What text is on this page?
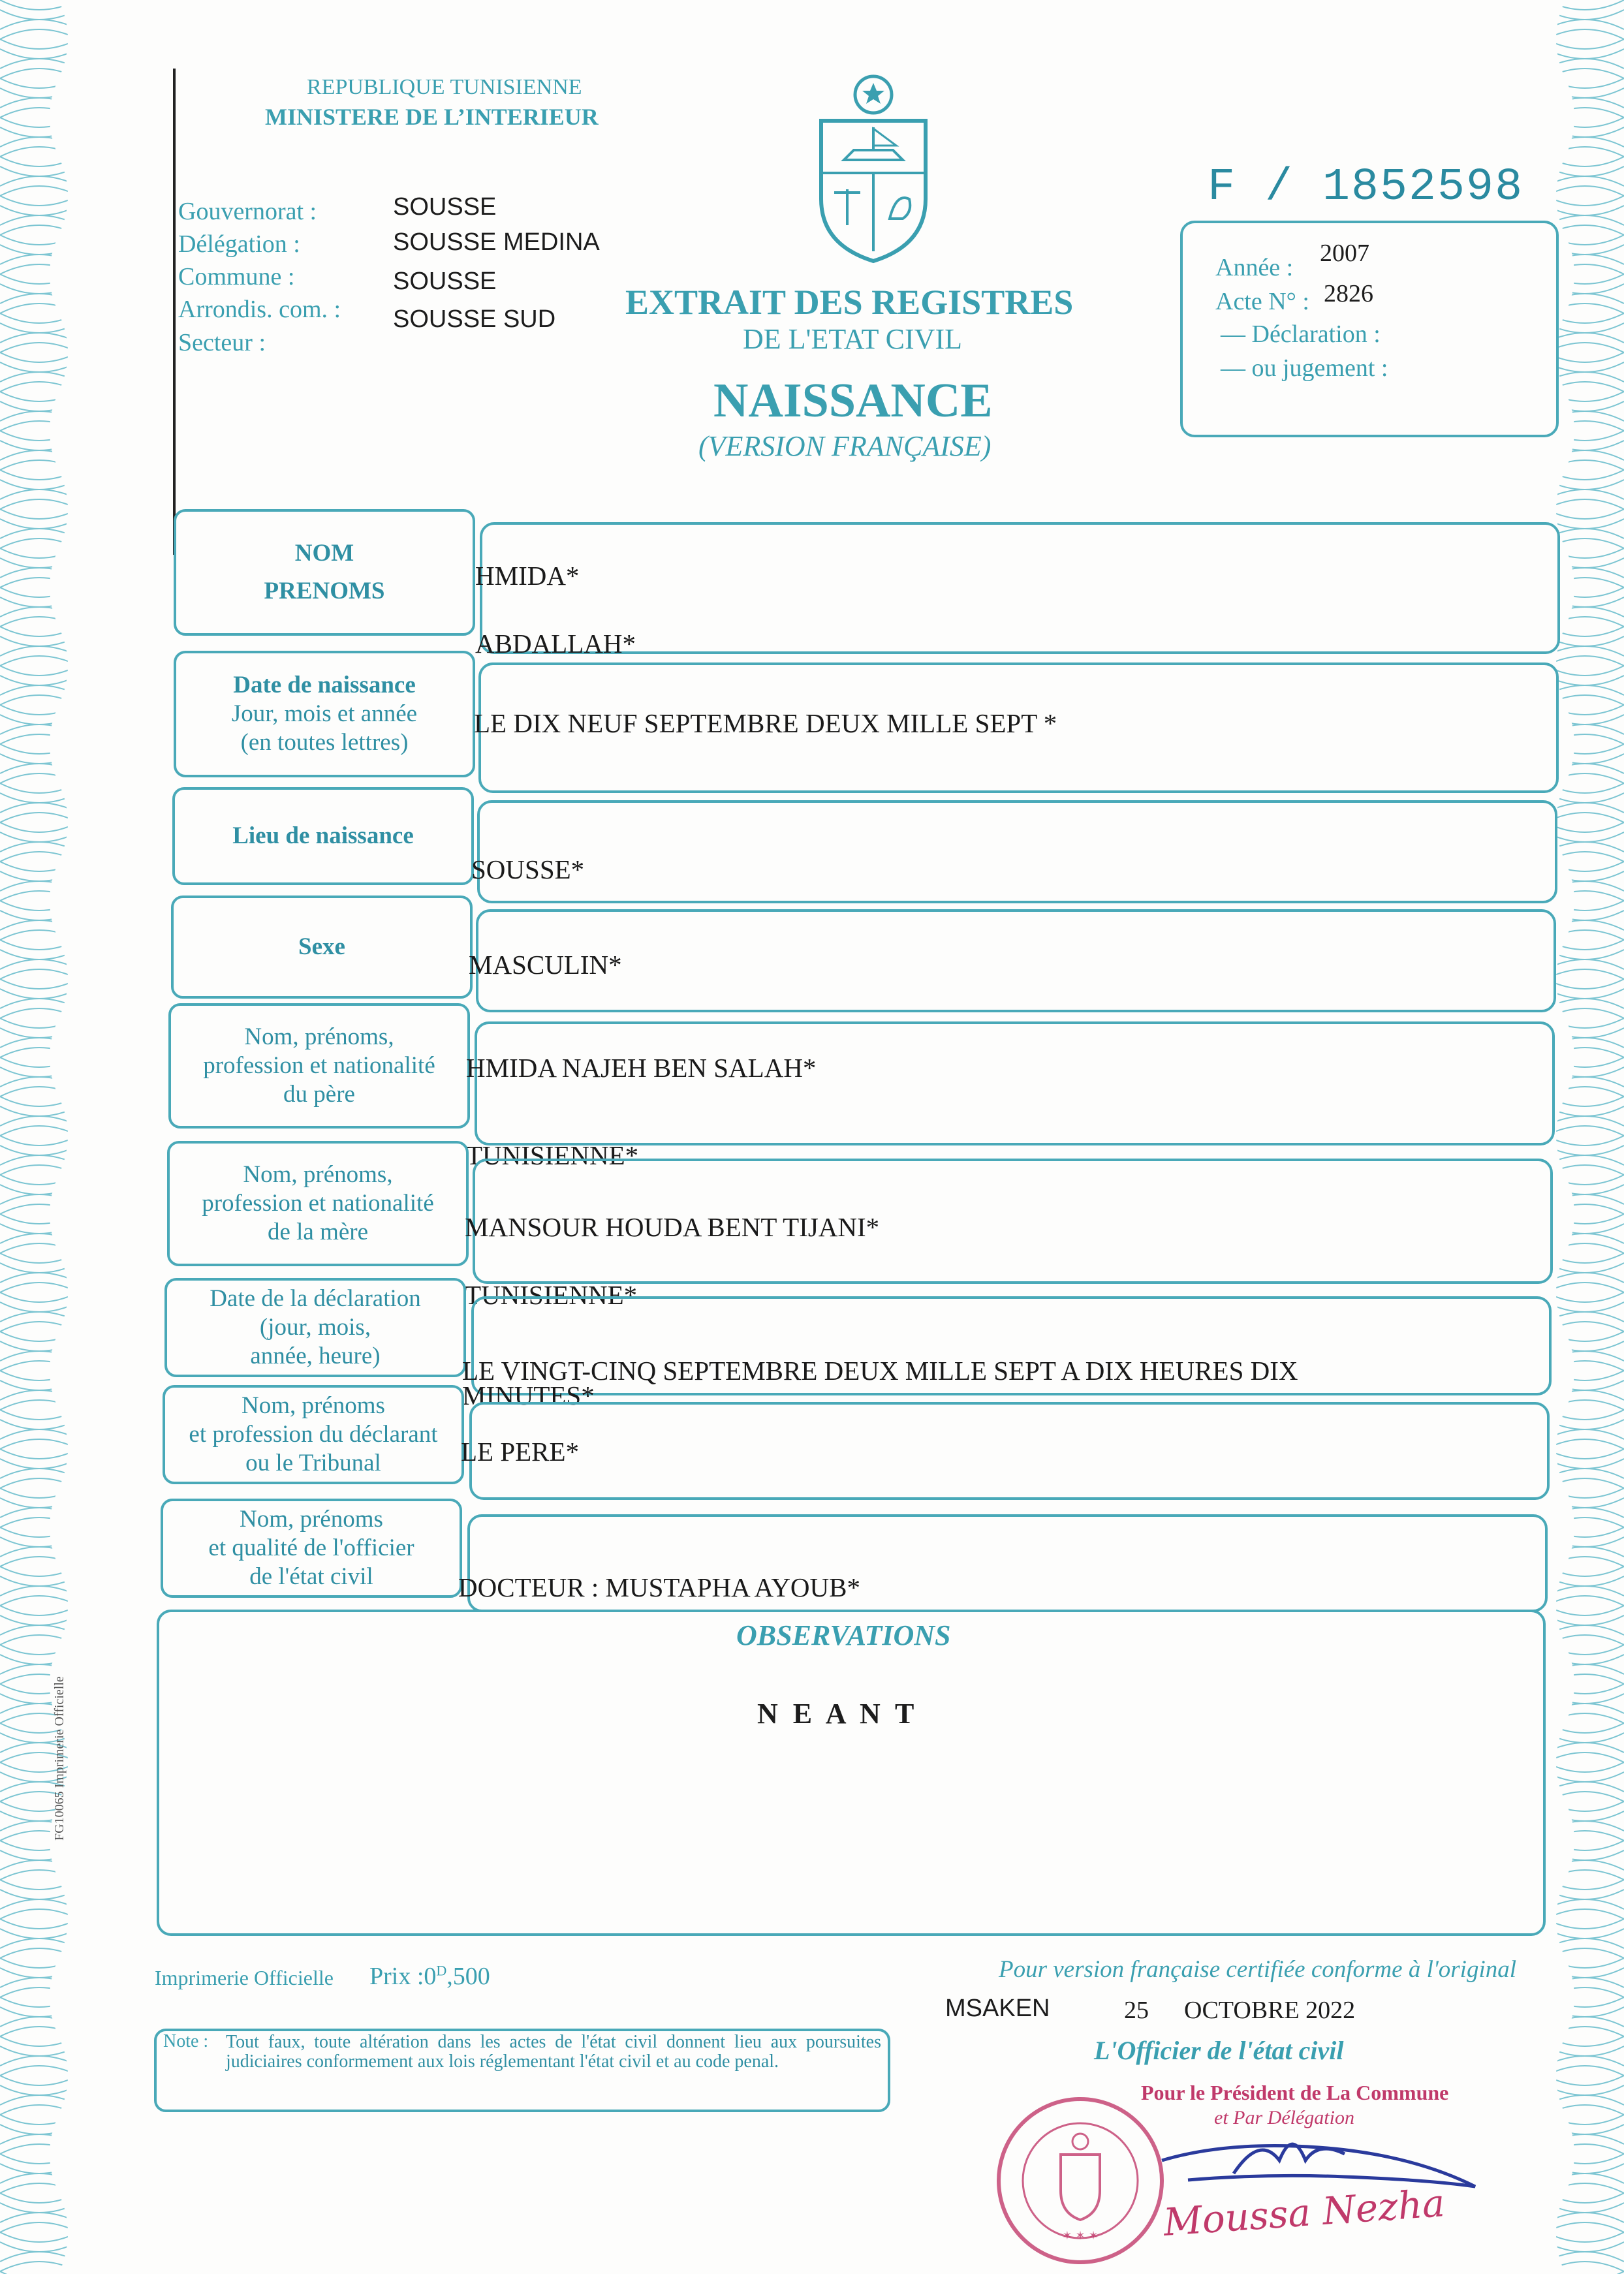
REPUBLIQUE TUNISIENNE
MINISTERE DE L’INTERIEUR
F / 1852598
Gouvernorat :	SOUSSE
Délégation :	SOUSSE MEDINA
Commune :	SOUSSE
Arrondis. com. : SOUSSE SUD
Secteur :
EXTRAIT DES REGISTRES
DE L'ETAT CIVIL
NAISSANCE
(VERSION FRANÇAISE)
Année :
2007
Acte N° : 2826
— Déclaration :
— ou jugement :
NOM
PRENOMS
HMIDA*
ABDALLAH*
Date de naissance
Jour, mois et année
(en toutes lettres)
LE DIX NEUF SEPTEMBRE DEUX MILLE SEPT *
Lieu de naissance
SOUSSE*
Sexe
MASCULIN*
Nom, prénoms,
profession et nationalité
du père
HMIDA NAJEH BEN SALAH*
TUNISIENNE*
Nom, prénoms,
profession et nationalité
de la mère	MANSOUR HOUDA BENT TIJANI*
TUNISIENNE*
Date de la déclaration
(jour, mois,
année, heure)	LE VINGT-CINQ SEPTEMBRE DEUX MILLE SEPT A DIX HEURES DIX
MINUTES*
Nom, prénoms
et profession du déclarant
ou le Tribunal	LE PERE*
Nom, prénoms
et qualité de l'officier
de l'état civil	DOCTEUR : MUSTAPHA AYOUB*
OBSERVATIONS
N E A N T
FG10065 Imprimerie Officielle
Imprimerie Officielle Prix $:0^D,500$	Pour version française certifiée conforme à l'original
MSAKEN	25 OCTOBRE 2022
L'Officier de l'état civil
Note : Tout faux, toute altération dans les actes de l'état civil donnent lieu aux poursuites judiciaires conformement aux lois réglementant l'état civil et au code penal.
Pour le Président de La Commune
et Par Délégation
✶ ✶ ✶ Moussa Nezha
